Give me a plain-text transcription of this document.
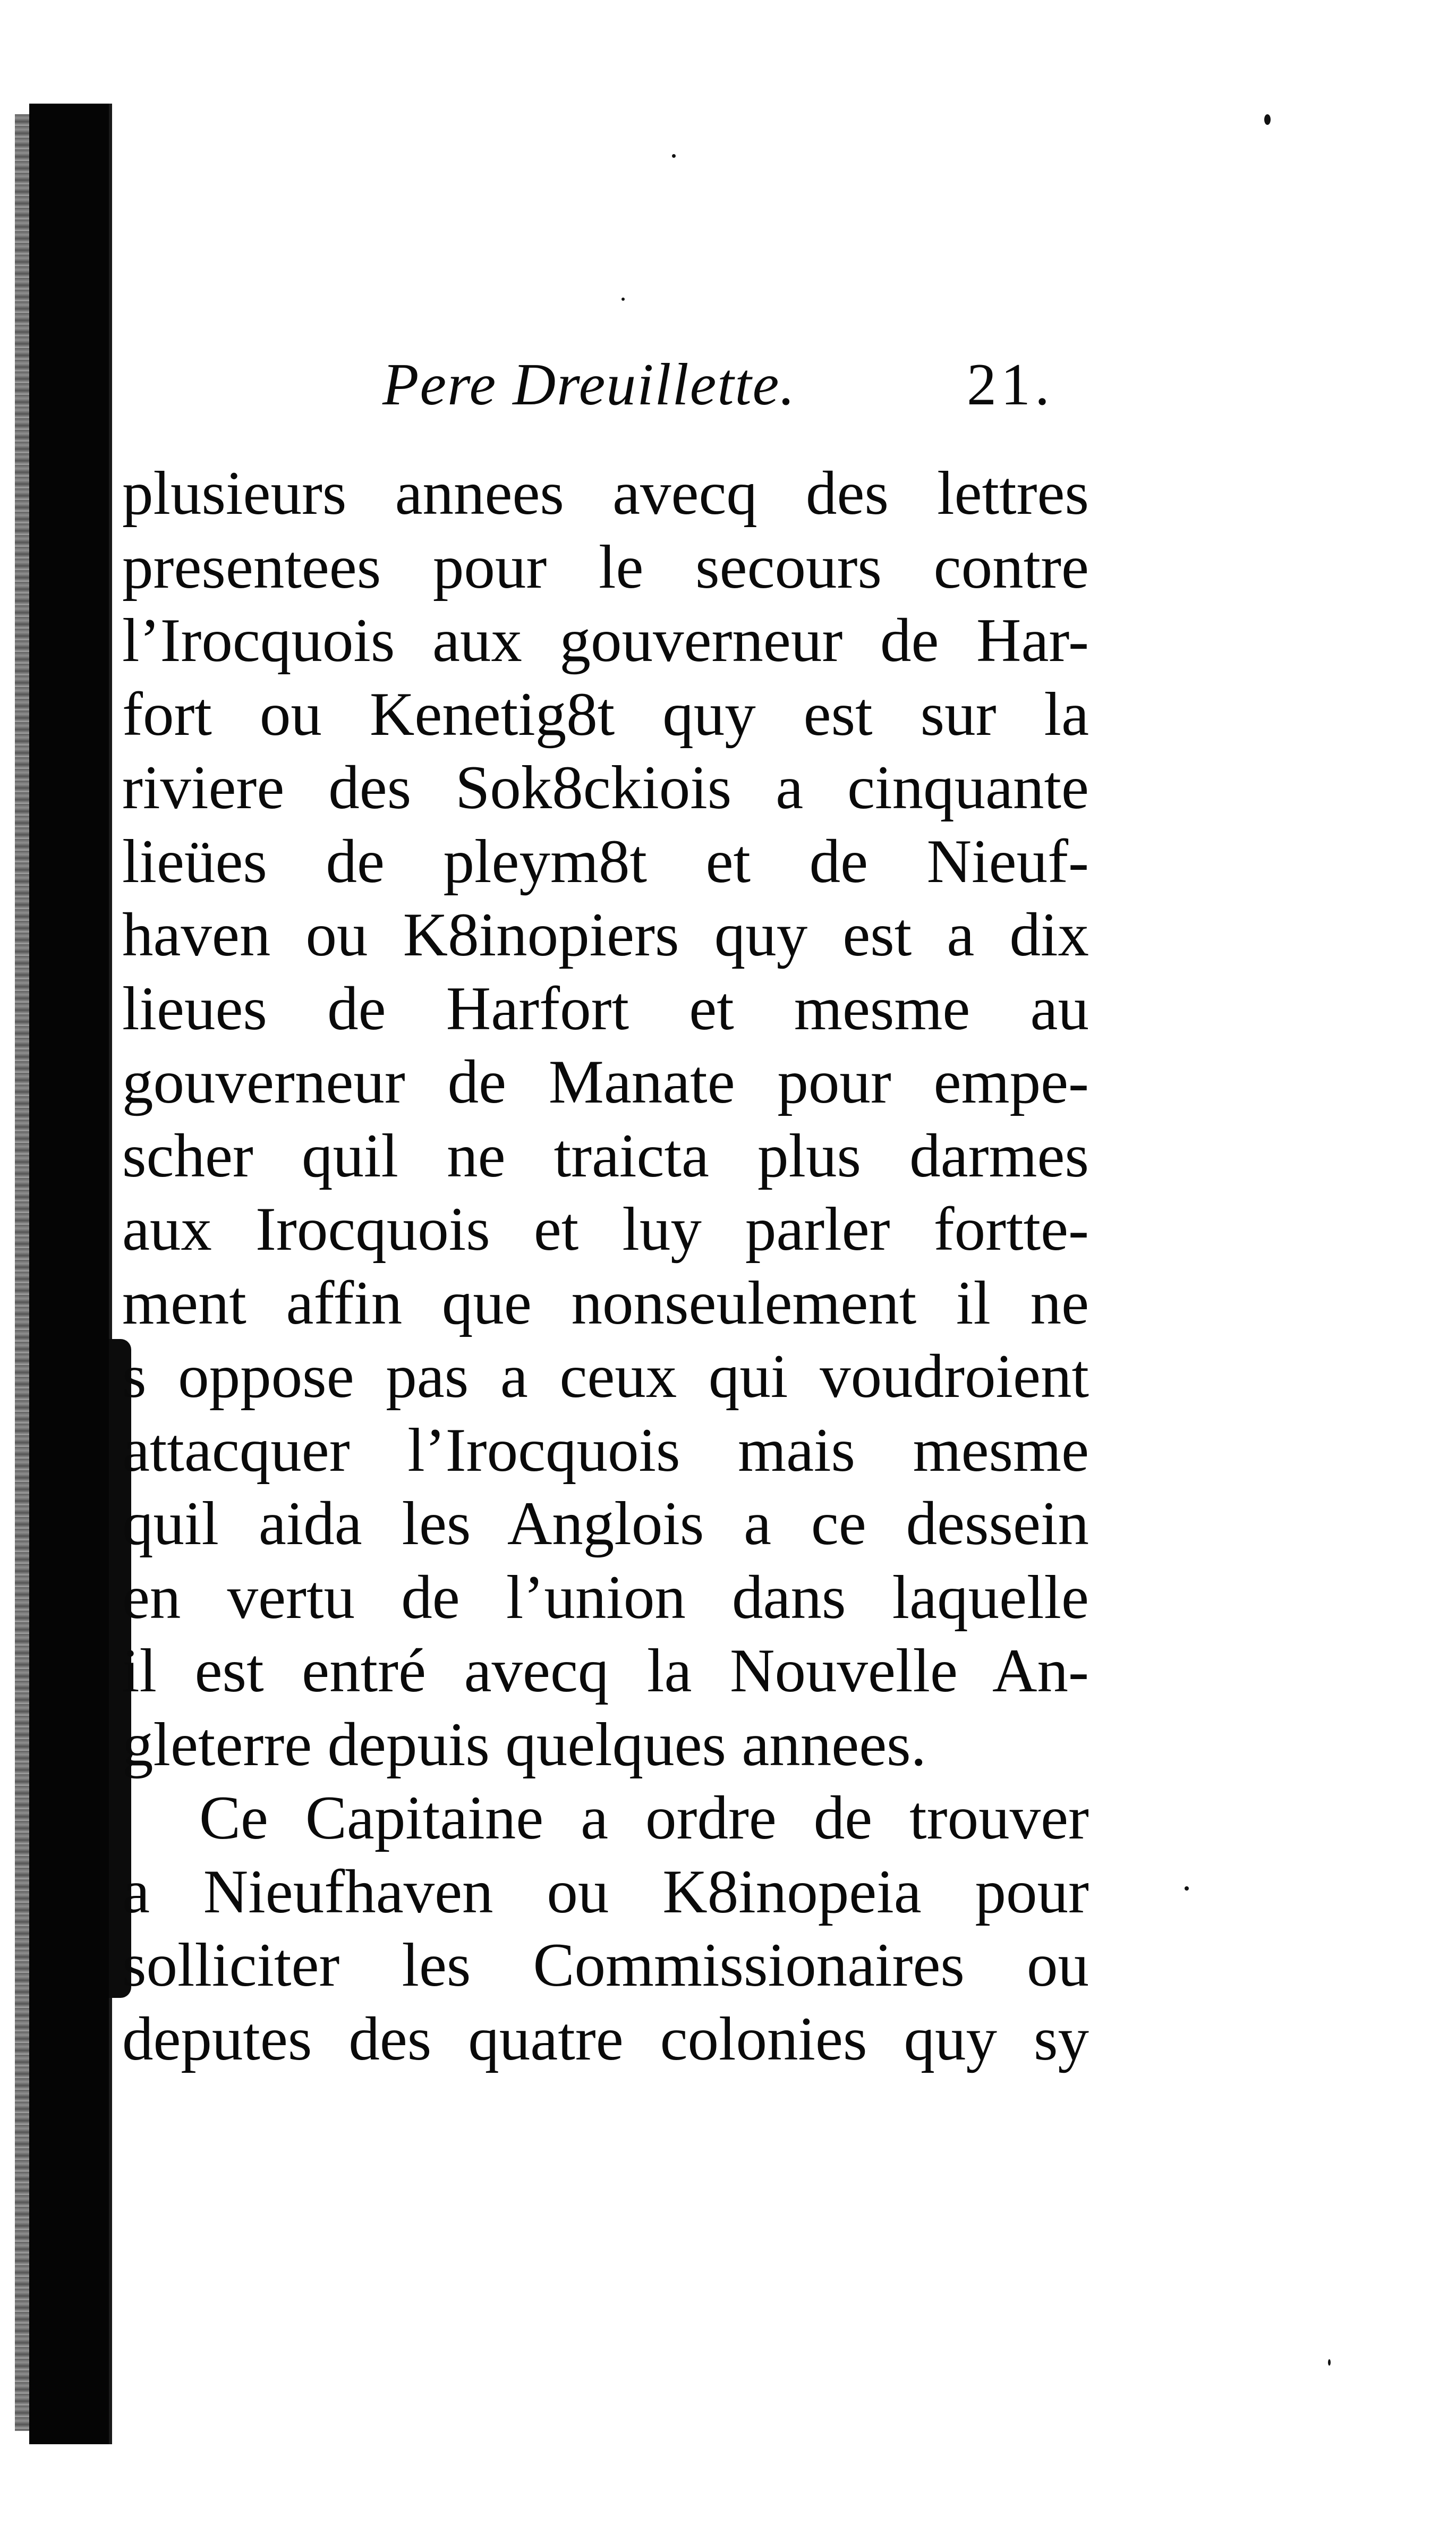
Pere Dreuillette.	21.
plusieurs annees avecq des lettres
presentees pour le secours contre
l’Irocquois aux gouverneur de Har-
fort ou Kenetig8t quy est sur la
riviere des Sok8ckiois a cinquante
lieües de pleym8t et de Nieuf-
haven ou K8inopiers quy est a dix
lieues de Harfort et mesme au
gouverneur de Manate pour empe-
scher quil ne traicta plus darmes
aux Irocquois et luy parler fortte-
ment affin que nonseulement il ne
s oppose pas a ceux qui voudroient
attacquer l’Irocquois mais mesme
quil aida les Anglois a ce dessein
en vertu de l’union dans laquelle
il est entré avecq la Nouvelle An-
gleterre depuis quelques annees.
Ce Capitaine a ordre de trouver
a Nieufhaven ou K8inopeia pour
solliciter les Commissionaires ou
deputes des quatre colonies quy sy
